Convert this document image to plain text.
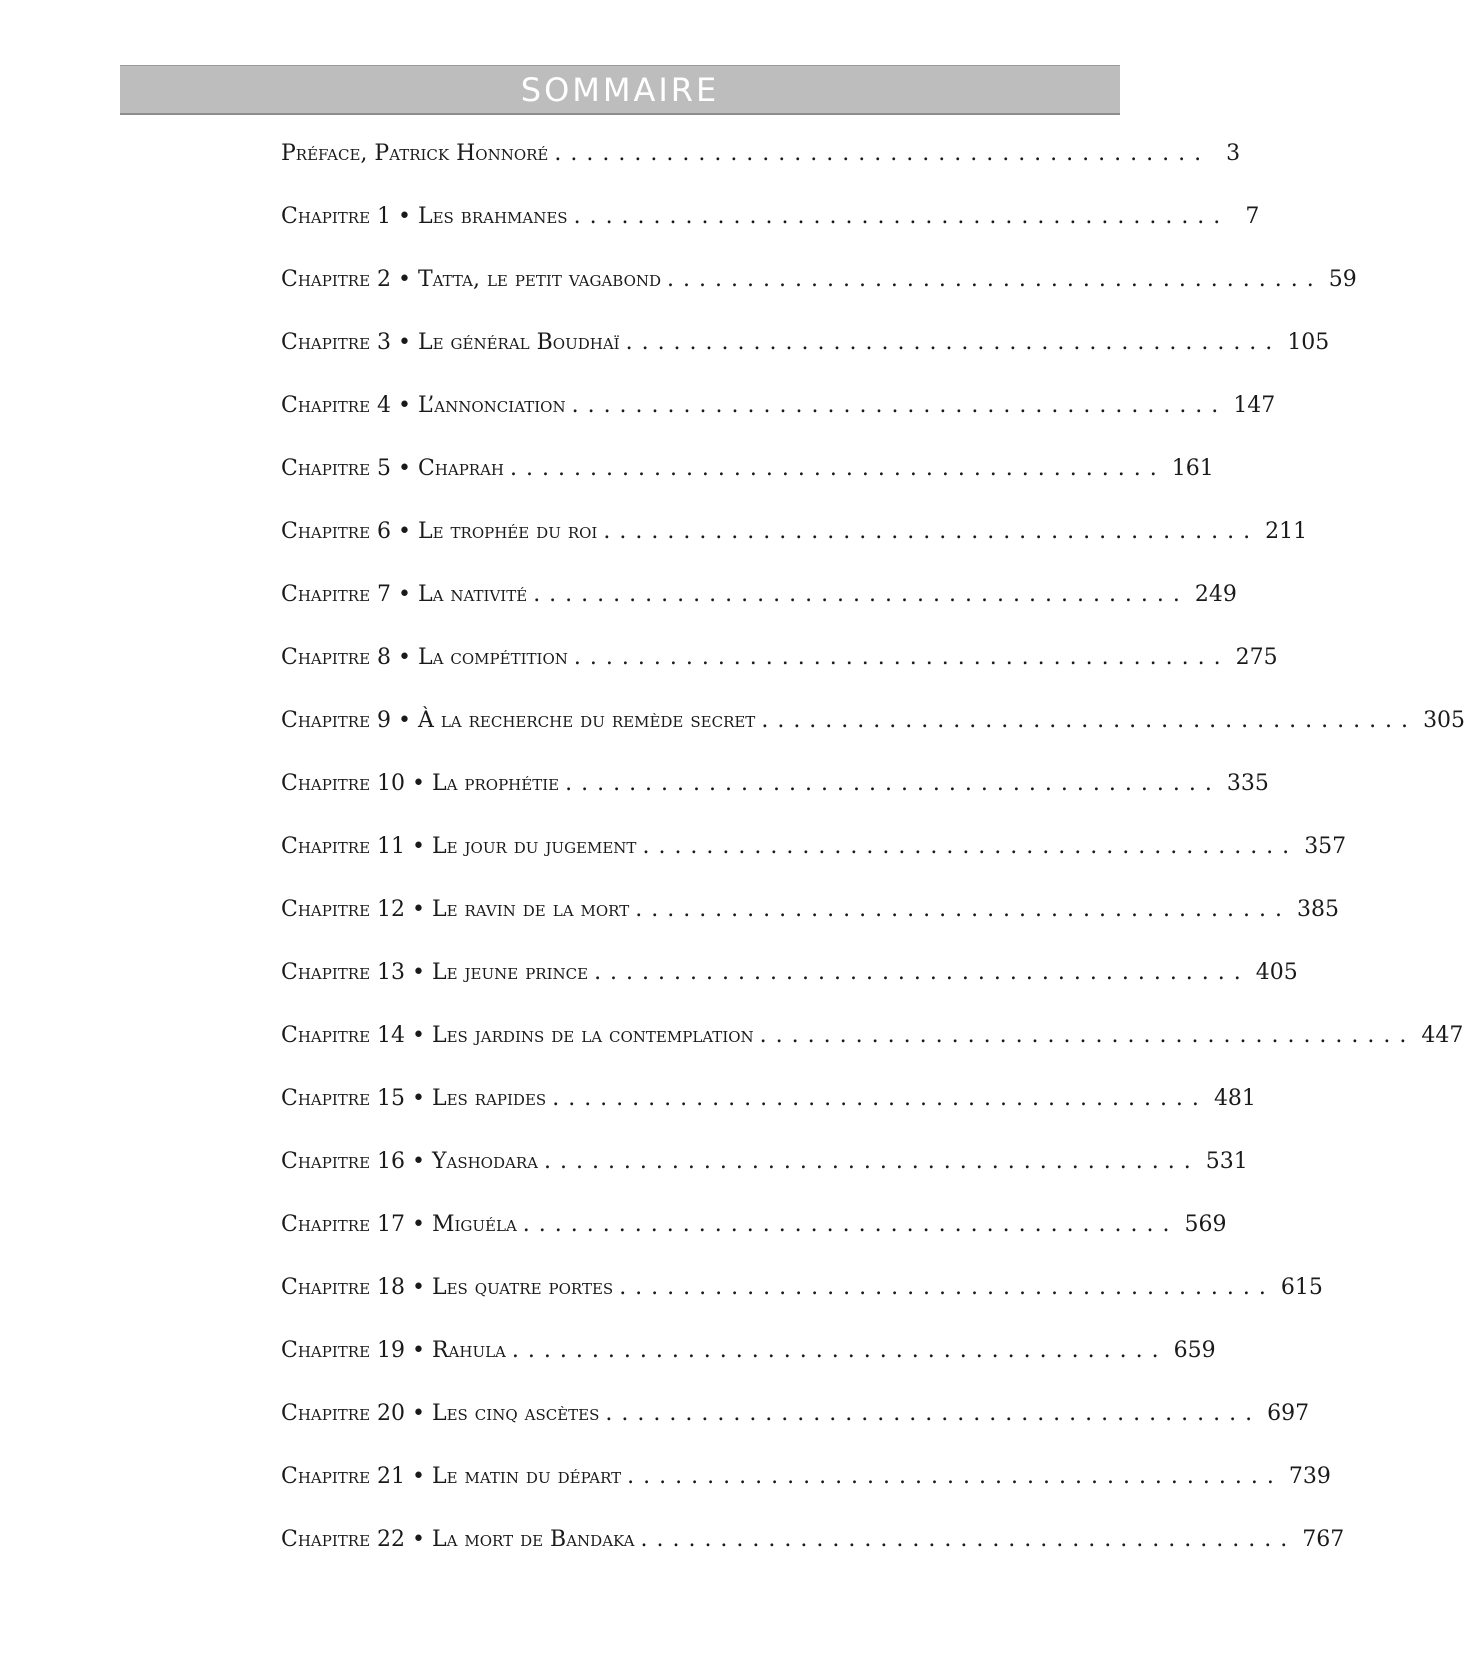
SOMMAIRE
Préface, Patrick Honnoré ......................................... 3
Chapitre 1 • Les brahmanes ......................................... 7
Chapitre 2 • Tatta, le petit vagabond ......................................... 59
Chapitre 3 • Le général Boudhaï ......................................... 105
Chapitre 4 • L’annonciation ......................................... 147
Chapitre 5 • Chaprah ......................................... 161
Chapitre 6 • Le trophée du roi ......................................... 211
Chapitre 7 • La nativité ......................................... 249
Chapitre 8 • La compétition ......................................... 275
Chapitre 9 • À la recherche du remède secret ......................................... 305
Chapitre 10 • La prophétie ......................................... 335
Chapitre 11 • Le jour du jugement ......................................... 357
Chapitre 12 • Le ravin de la mort ......................................... 385
Chapitre 13 • Le jeune prince ......................................... 405
Chapitre 14 • Les jardins de la contemplation ......................................... 447
Chapitre 15 • Les rapides ......................................... 481
Chapitre 16 • Yashodara ......................................... 531
Chapitre 17 • Miguéla ......................................... 569
Chapitre 18 • Les quatre portes ......................................... 615
Chapitre 19 • Rahula ......................................... 659
Chapitre 20 • Les cinq ascètes ......................................... 697
Chapitre 21 • Le matin du départ ......................................... 739
Chapitre 22 • La mort de Bandaka ......................................... 767
